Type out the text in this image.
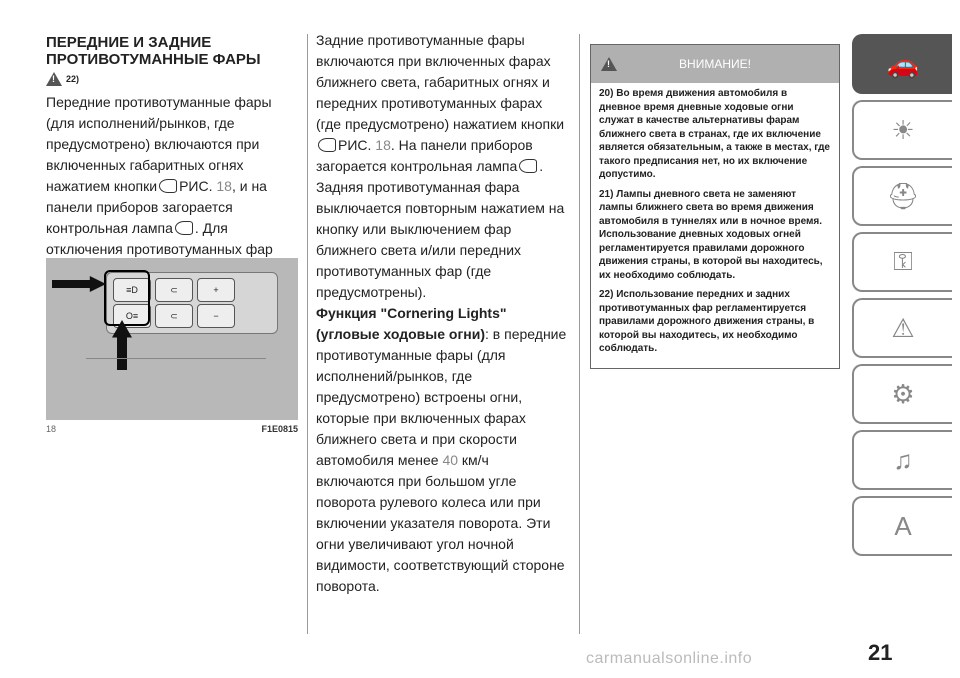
ПЕРЕДНИЕ И ЗАДНИЕ
ПРОТИВОТУМАННЫЕ ФАРЫ
!
22)

Передние противотуманные фары (для исполнений/рынков, где предусмотрено) включаются при включенных габаритных огнях нажатием кнопки РИС. 18, и на панели приборов загорается контрольная лампа . Для отключения противотуманных фар

≡D
O≡
⊂
⊂
+
−
18	F1E0815

Задние противотуманные фары включаются при включенных фарах ближнего света, габаритных огнях и передних противотуманных фарах (где предусмотрено) нажатием кнопкиРИС. 18. На панели приборов загорается контрольная лампа . Задняя противотуманная фара выключается повторным нажатием на кнопку или выключением фар ближнего света и/или передних противотуманных фар (где предусмотрены).

Функция "Cornering Lights" (угловые ходовые огни): в передние противотуманные фары (для исполнений/рынков, где предусмотрено) встроены огни, которые при включенных фарах ближнего света и при скорости автомобиля менее 40 км/ч включаются при большом угле поворота рулевого колеса или при включении указателя поворота. Эти огни увеличивают угол ночной видимости, соответствующий стороне поворота.

!
ВНИМАНИЕ!

20) Во время движения автомобиля в дневное время дневные ходовые огни служат в качестве альтернативы фарам ближнего света в странах, где их включение является обязательным, а также в местах, где такого предписания нет, но их включение допустимо.

21) Лампы дневного света не заменяют лампы ближнего света во время движения автомобиля в туннелях или в ночное время. Использование дневных ходовых огней регламентируется правилами дорожного движения страны, в которой вы находитесь, их необходимо соблюдать.

22) Использование передних и задних противотуманных фар регламентируется правилами дорожного движения страны, в которой вы находитесь, их необходимо соблюдать.

🚗
☀
⛑
⚿
⚠
⚙
♫
A
21
carmanualsonline.info
